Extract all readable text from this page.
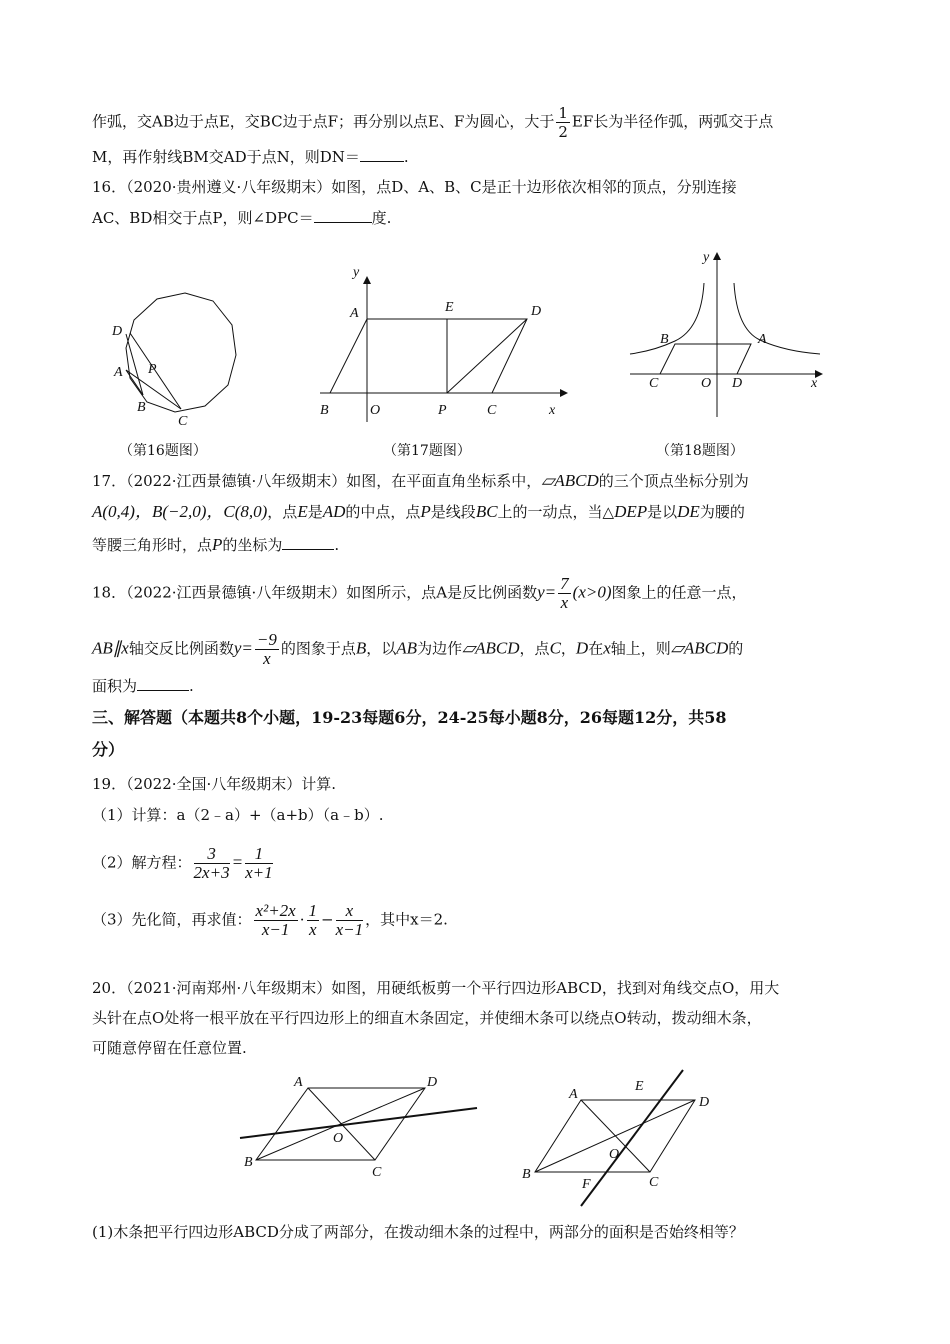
作弧，交AB边于点E，交BC边于点F；再分别以点E、F为圆心，大于 $\frac{1}{2}$ EF长为半径作弧，两弧交于点
M，再作射线BM交AD于点N，则DN＝	.
16．（2020·贵州遵义·八年级期末）如图，点D、A、B、C是正十边形依次相邻的顶点，分别连接
AC、BD相交于点P，则∠DPC＝	度.
D
A P
B
C
y
A	E	D
B	O	P	C	x
y
B	A
C	O D	x
（第16题图）	（第17题图）	（第18题图）
17．（2022·江西景德镇·八年级期末）如图，在平面直角坐标系中，▱ABCD的三个顶点坐标分别为
A(0,4)，B(−2,0)，C(8,0)，点E是AD的中点，点P是线段BC上的一动点，当△DEP是以DE为腰的
等腰三角形时，点P的坐标为	.
18．（2022·江西景德镇·八年级期末）如图所示，点A是反比例函数$y= \frac{7}{x} (x>0)$图象上的任意一点，
AB∥x轴交反比例函数$y= \frac{-9}{x}$ 的图象于点B，以AB为边作▱ABCD，点C，D在x轴上，则▱ABCD的
面积为	.
三、解答题（本题共8个小题，19-23每题6分，24-25每小题8分，26每题12分，共58
分）
19．（2022·全国·八年级期末）计算.
（1）计算：a（2﹣a）+（a+b）（a﹣b）.
（2）解方程： $\frac{3}{2x+3} = \frac{1}{x+1}$
（3）先化简，再求值： $\frac{\text{x²+2x}}{x-1} \cdot \frac{1}{x} - \frac{x}{x-1}$ ，其中x＝2.
20．（2021·河南郑州·八年级期末）如图，用硬纸板剪一个平行四边形ABCD，找到对角线交点O，用大
头针在点O处将一根平放在平行四边形上的细直木条固定，并使细木条可以绕点O转动，拨动细木条，
可随意停留在任意位置.
A	D
O
B
C
A
E
D
O
B
F	C
(1)木条把平行四边形ABCD分成了两部分，在拨动细木条的过程中，两部分的面积是否始终相等？
